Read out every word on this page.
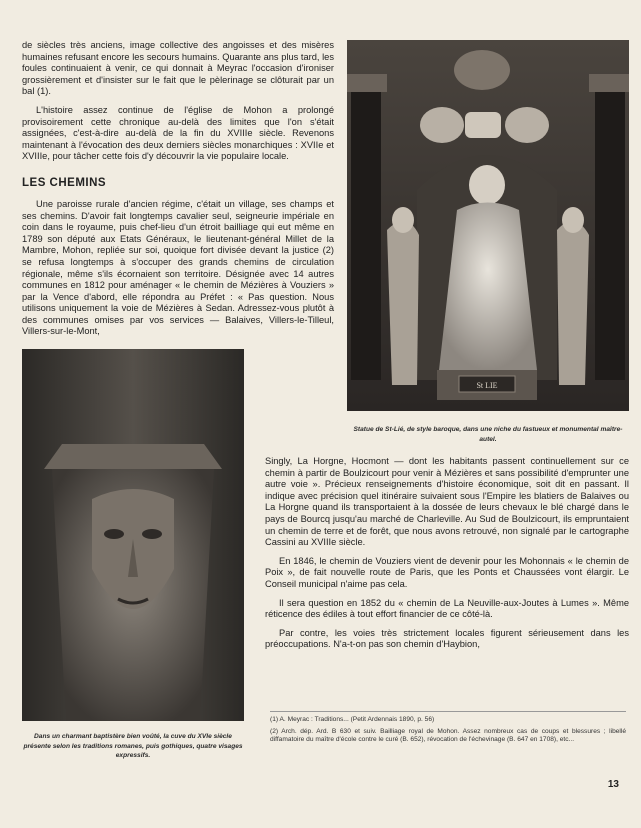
de siècles très anciens, image collective des angoisses et des misères humaines refusant encore les secours humains. Quarante ans plus tard, les foules continuaient à venir, ce qui donnait à Meyrac l'occasion d'ironiser grossièrement et d'insister sur le fait que le pèlerinage se clôturait par un bal (1).

L'histoire assez continue de l'église de Mohon a prolongé provisoirement cette chronique au-delà des limites que l'on s'était assignées, c'est-à-dire au-delà de la fin du XVIIIe siècle. Revenons maintenant à l'évocation des deux derniers siècles monarchiques : XVIIe et XVIIIe, pour tâcher cette fois d'y découvrir la vie populaire locale.

LES CHEMINS

Une paroisse rurale d'ancien régime, c'était un village, ses champs et ses chemins. D'avoir fait longtemps cavalier seul, seigneurie impériale en coin dans le royaume, puis chef-lieu d'un étroit bailliage qui eut même en 1789 son député aux Etats Généraux, le lieutenant-général Millet de la Mambre, Mohon, repliée sur soi, quoique fort divisée devant la justice (2) se refusa longtemps à s'occuper des grands chemins de circulation régionale, même s'ils écornaient son territoire. Désignée avec 14 autres communes en 1812 pour aménager « le chemin de Mézières à Vouziers » par la Vence d'abord, elle répondra au Préfet : « Pas question. Nous utilisons uniquement la voie de Mézières à Sedan. Adressez-vous plutôt à des communes omises par vos services — Balaives, Villers-le-Tilleul, Villers-sur-le-Mont,

St LIE

Statue de St-Lié, de style baroque, dans une niche du fastueux et monumental maître-autel.

Dans un charmant baptistère bien voûté, la cuve du XVIe siècle présente selon les traditions romanes, puis gothiques, quatre visages expressifs.

Singly, La Horgne, Hocmont — dont les habitants passent continuellement sur ce chemin à partir de Boulzicourt pour venir à Mézières et sans possibilité d'emprunter une autre voie ». Précieux renseignements d'histoire économique, soit dit en passant. Il indique avec précision quel itinéraire suivaient sous l'Empire les blatiers de Balaives ou La Horgne quand ils transportaient à la dossée de leurs chevaux le blé chargé dans le pays de Bourcq jusqu'au marché de Charleville. Au Sud de Boulzicourt, ils empruntaient un chemin de terre et de forêt, que nous avons retrouvé, non signalé par le cartographe Cassini au XVIIIe siècle.

En 1846, le chemin de Vouziers vient de devenir pour les Mohonnais « le chemin de Poix », de fait nouvelle route de Paris, que les Ponts et Chaussées vont élargir. Le Conseil municipal n'aime pas cela.

Il sera question en 1852 du « chemin de La Neuville-aux-Joutes à Lumes ». Même réticence des édiles à tout effort financier de ce côté-là.

Par contre, les voies très strictement locales figurent sérieusement dans les préoccupations. N'a-t-on pas son chemin d'Haybion,

(1) A. Meyrac : Traditions... (Petit Ardennais 1890, p. 56)

(2) Arch. dép. Ard. B 630 et suiv. Bailliage royal de Mohon. Assez nombreux cas de coups et blessures ; libellé diffamatoire du maître d'école contre le curé (B. 652), révocation de l'échevinage (B. 647 en 1708), etc...

13
